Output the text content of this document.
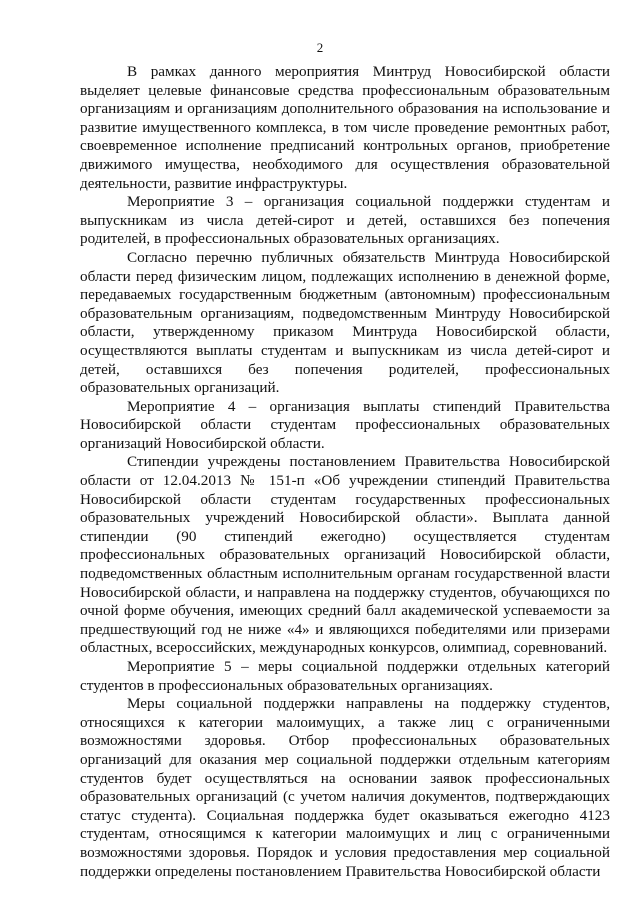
2

В рамках данного мероприятия Минтруд Новосибирской области выделяет целевые финансовые средства профессиональным образовательным организациям и организациям дополнительного образования на использование и развитие имущественного комплекса, в том числе проведение ремонтных работ, своевременное исполнение предписаний контрольных органов, приобретение движимого имущества, необходимого для осуществления образовательной деятельности, развитие инфраструктуры.

Мероприятие 3 – организация социальной поддержки студентам и выпускникам из числа детей-сирот и детей, оставшихся без попечения родителей, в профессиональных образовательных организациях.

Согласно перечню публичных обязательств Минтруда Новосибирской области перед физическим лицом, подлежащих исполнению в денежной форме, передаваемых государственным бюджетным (автономным) профессиональным образовательным организациям, подведомственным Минтруду Новосибирской области, утвержденному приказом Минтруда Новосибирской области, осуществляются выплаты студентам и выпускникам из числа детей-сирот и детей, оставшихся без попечения родителей, профессиональных образовательных организаций.

Мероприятие 4 – организация выплаты стипендий Правительства Новосибирской области студентам профессиональных образовательных организаций Новосибирской области.

Стипендии учреждены постановлением Правительства Новосибирской области от 12.04.2013 № 151-п «Об учреждении стипендий Правительства Новосибирской области студентам государственных профессиональных образовательных учреждений Новосибирской области». Выплата данной стипендии (90 стипендий ежегодно) осуществляется студентам профессиональных образовательных организаций Новосибирской области, подведомственных областным исполнительным органам государственной власти Новосибирской области, и направлена на поддержку студентов, обучающихся по очной форме обучения, имеющих средний балл академической успеваемости за предшествующий год не ниже «4» и являющихся победителями или призерами областных, всероссийских, международных конкурсов, олимпиад, соревнований.

Мероприятие 5 – меры социальной поддержки отдельных категорий студентов в профессиональных образовательных организациях.

Меры социальной поддержки направлены на поддержку студентов, относящихся к категории малоимущих, а также лиц с ограниченными возможностями здоровья. Отбор профессиональных образовательных организаций для оказания мер социальной поддержки отдельным категориям студентов будет осуществляться на основании заявок профессиональных образовательных организаций (с учетом наличия документов, подтверждающих статус студента). Социальная поддержка будет оказываться ежегодно 4123 студентам, относящимся к категории малоимущих и лиц с ограниченными возможностями здоровья. Порядок и условия предоставления мер социальной поддержки определены постановлением Правительства Новосибирской области
